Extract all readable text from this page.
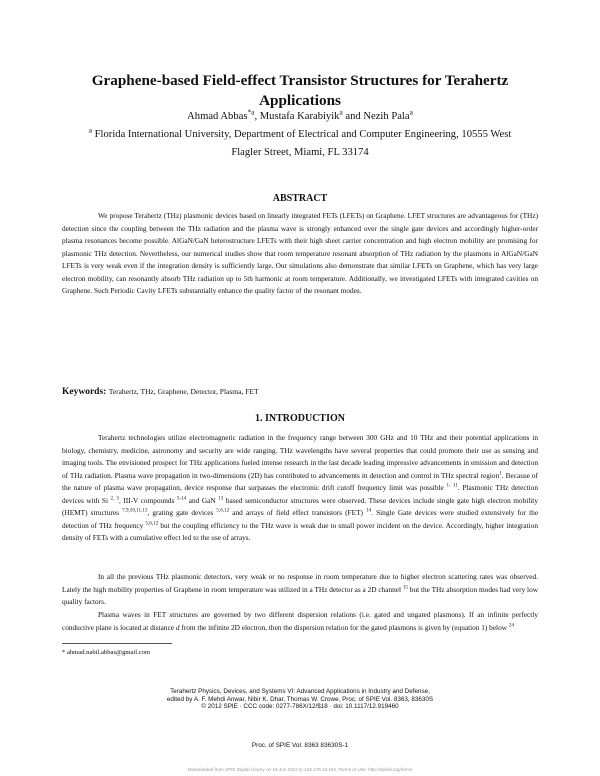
Graphene-based Field-effect Transistor Structures for Terahertz
Applications
Ahmad Abbas$^{*a}$, Mustafa Karabiyik$^a$ and Nezih Pala$^a$
$^a$ Florida International University, Department of Electrical and Computer Engineering, 10555 West
Flagler Street, Miami, FL 33174
ABSTRACT

We propose Terahertz (THz) plasmonic devices based on linearly integrated FETs (LFETs) on Graphene. LFET structures are advantageous for (THz) detection since the coupling between the THz radiation and the plasma wave is strongly enhanced over the single gate devices and accordingly higher-order plasma resonances become possible. AlGaN/GaN heterostructure LFETs with their high sheet carrier concentration and high electron mobility are promising for plasmonic THz detection. Nevertheless, our numerical studies show that room temperature resonant absorption of THz radiation by the plasmons in AlGaN/GaN LFETs is very weak even if the integration density is sufficiently large. Our simulations also demonstrate that similar LFETs on Graphene, which has very large electron mobility, can resonantly absorb THz radiation up to 5th harmonic at room temperature. Additionally, we investigated LFETs with integrated cavities on Graphene. Such Periodic Cavity LFETs substantially enhance the quality factor of the resonant modes.

Keywords: Terahertz, THz, Graphene, Detector, Plasma, FET
1. INTRODUCTION

Terahertz technologies utilize electromagnetic radiation in the frequency range between 300 GHz and 10 THz and their potential applications in biology, chemistry, medicine, astronomy and security are wide ranging. THz wavelengths have several properties that could promote their use as sensing and imaging tools. The envisioned prospect for THz applications fueled intense research in the last decade leading impressive advancements in emission and detection of THz radiation. Plasma wave propagation in two-dimensions (2D) has contributed to advancements in detection and control in THz spectral region$^1$. Because of the nature of plasma wave propagation, device response that surpasses the electronic drift cutoff frequency limit was possible $^{1- 11}$. Plasmonic THz detection devices with Si $^{2, 3}$, III-V compounds $^{5-14}$ and GaN $^{13}$ based semiconductor structures were observed. These devices include single gate high electron mobility (HEMT) structures $^{7,9,10,11,13}$, grating gate devices $^{5,6,12}$ and arrays of field effect transistors (FET) $^{14}$. Single Gate devices were studied extensively for the detection of THz frequency $^{5,6,12}$ but the coupling efficiency to the THz wave is weak due to small power incident on the device. Accordingly, higher integration density of FETs with a cumulative effect led to the use of arrays.

In all the previous THz plasmonic detectors, very weak or no response in room temperature due to higher electron scattering rates was observed. Lately the high mobility properties of Graphene in room temperature was utilized in a THz detector as a 2D channel $^{15}$ but the THz absorption modes had very low quality factors.

Plasma waves in FET structures are governed by two different dispersion relations (i.e. gated and ungated plasmons). If an infinite perfectly conductive plane is located at distance d from the infinite 2D electron, then the dispersion relation for the gated plasmons is given by (equation 1) below $^{24}$

* ahmad.nabil.abbas@gmail.com
Terahertz Physics, Devices, and Systems VI: Advanced Applications in Industry and Defense,
edited by A. F. Mehdi Anwar, Nibir K. Dhar, Thomas W. Crowe, Proc. of SPIE Vol. 8363, 83630S
© 2012 SPIE · CCC code: 0277-786X/12/$18 · doi: 10.1117/12.919460
Proc. of SPIE Vol. 8363 83630S-1
Downloaded from SPIE Digital Library on 19 Jun 2012 to 129.179.13.194. Terms of Use: http://spiedl.org/terms
